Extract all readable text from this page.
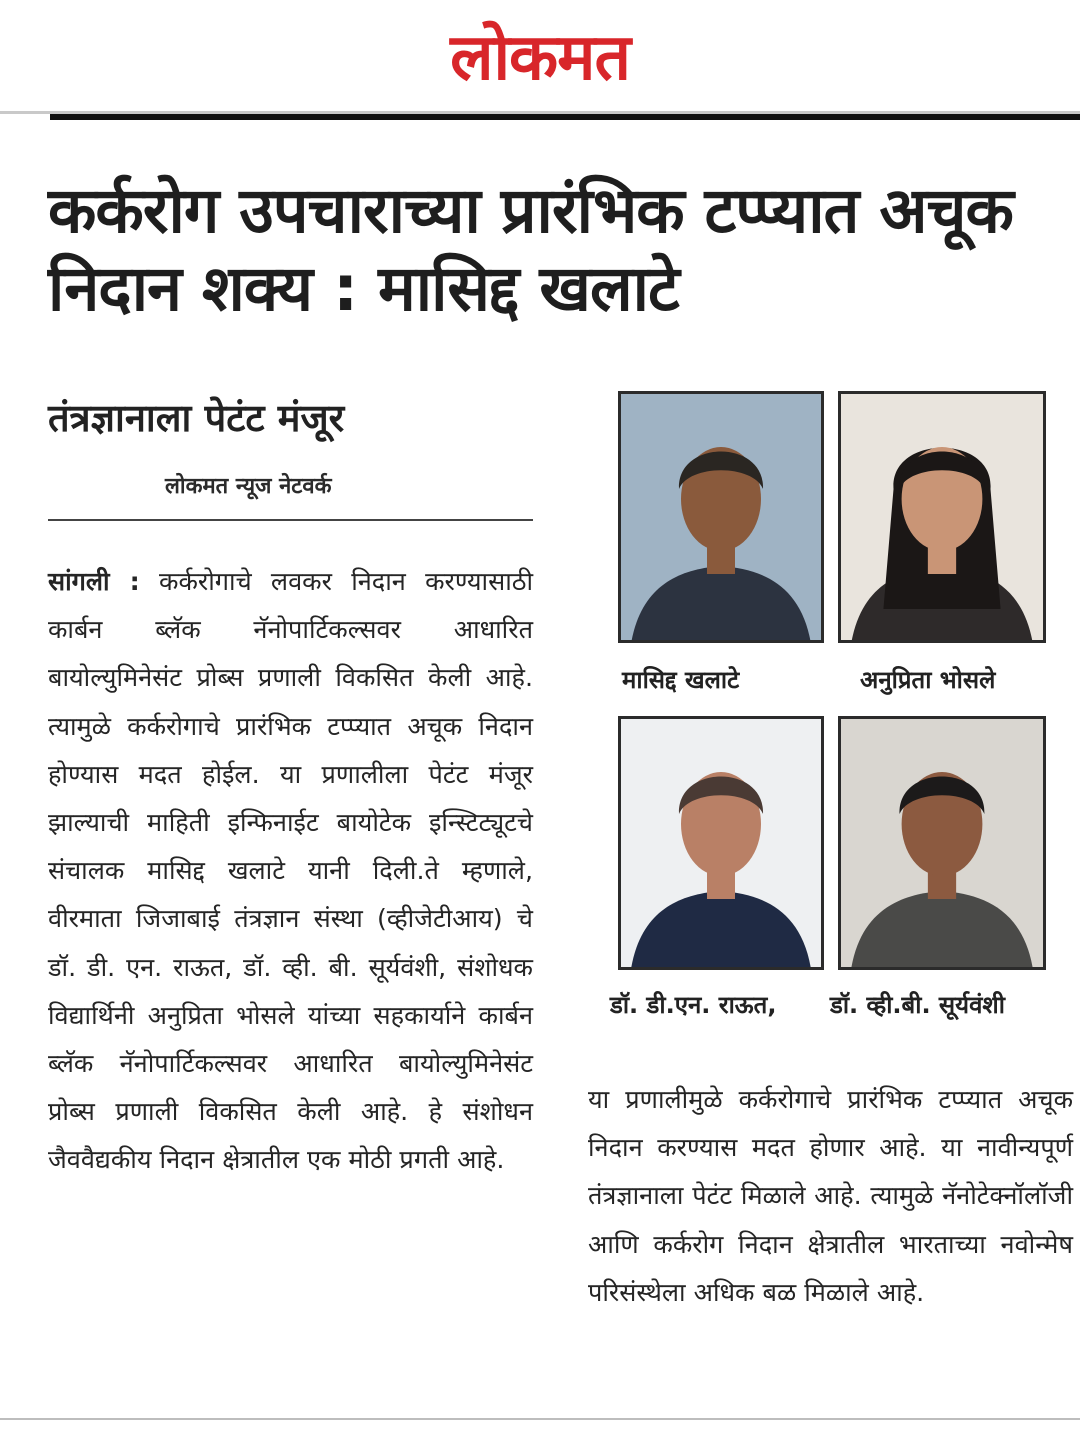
लोकमत
कर्करोग उपचाराच्या प्रारंभिक टप्प्यात अचूक निदान शक्य : मासिद्द खलाटे
तंत्रज्ञानाला पेटंट मंजूर
लोकमत न्यूज नेटवर्क

सांगली : कर्करोगाचे लवकर निदान करण्यासाठी कार्बन ब्लॅक नॅनोपार्टिकल्सवर आधारित बायोल्युमिनेसंट प्रोब्स प्रणाली विकसित केली आहे. त्यामुळे कर्करोगाचे प्रारंभिक टप्प्यात अचूक निदान होण्यास मदत होईल. या प्रणालीला पेटंट मंजूर झाल्याची माहिती इन्फिनाईट बायोटेक इन्स्टिट्यूटचे संचालक मासिद्द खलाटे यानी दिली.ते म्हणाले, वीरमाता जिजाबाई तंत्रज्ञान संस्था (व्हीजेटीआय) चे डॉ. डी. एन. राऊत, डॉ. व्ही. बी. सूर्यवंशी, संशोधक विद्यार्थिनी अनुप्रिता भोसले यांच्या सहकार्याने कार्बन ब्लॅक नॅनोपार्टिकल्सवर आधारित बायोल्युमिनेसंट प्रोब्स प्रणाली विकसित केली आहे. हे संशोधन जैववैद्यकीय निदान क्षेत्रातील एक मोठी प्रगती आहे.

मासिद्द खलाटे	अनुप्रिता भोसले
डॉ. डी.एन. राऊत, डॉ. व्ही.बी. सूर्यवंशी

या प्रणालीमुळे कर्करोगाचे प्रारंभिक टप्प्यात अचूक निदान करण्यास मदत होणार आहे. या नावीन्यपूर्ण तंत्रज्ञानाला पेटंट मिळाले आहे. त्यामुळे नॅनोटेक्नॉलॉजी आणि कर्करोग निदान क्षेत्रातील भारताच्या नवोन्मेष परिसंस्थेला अधिक बळ मिळाले आहे.
